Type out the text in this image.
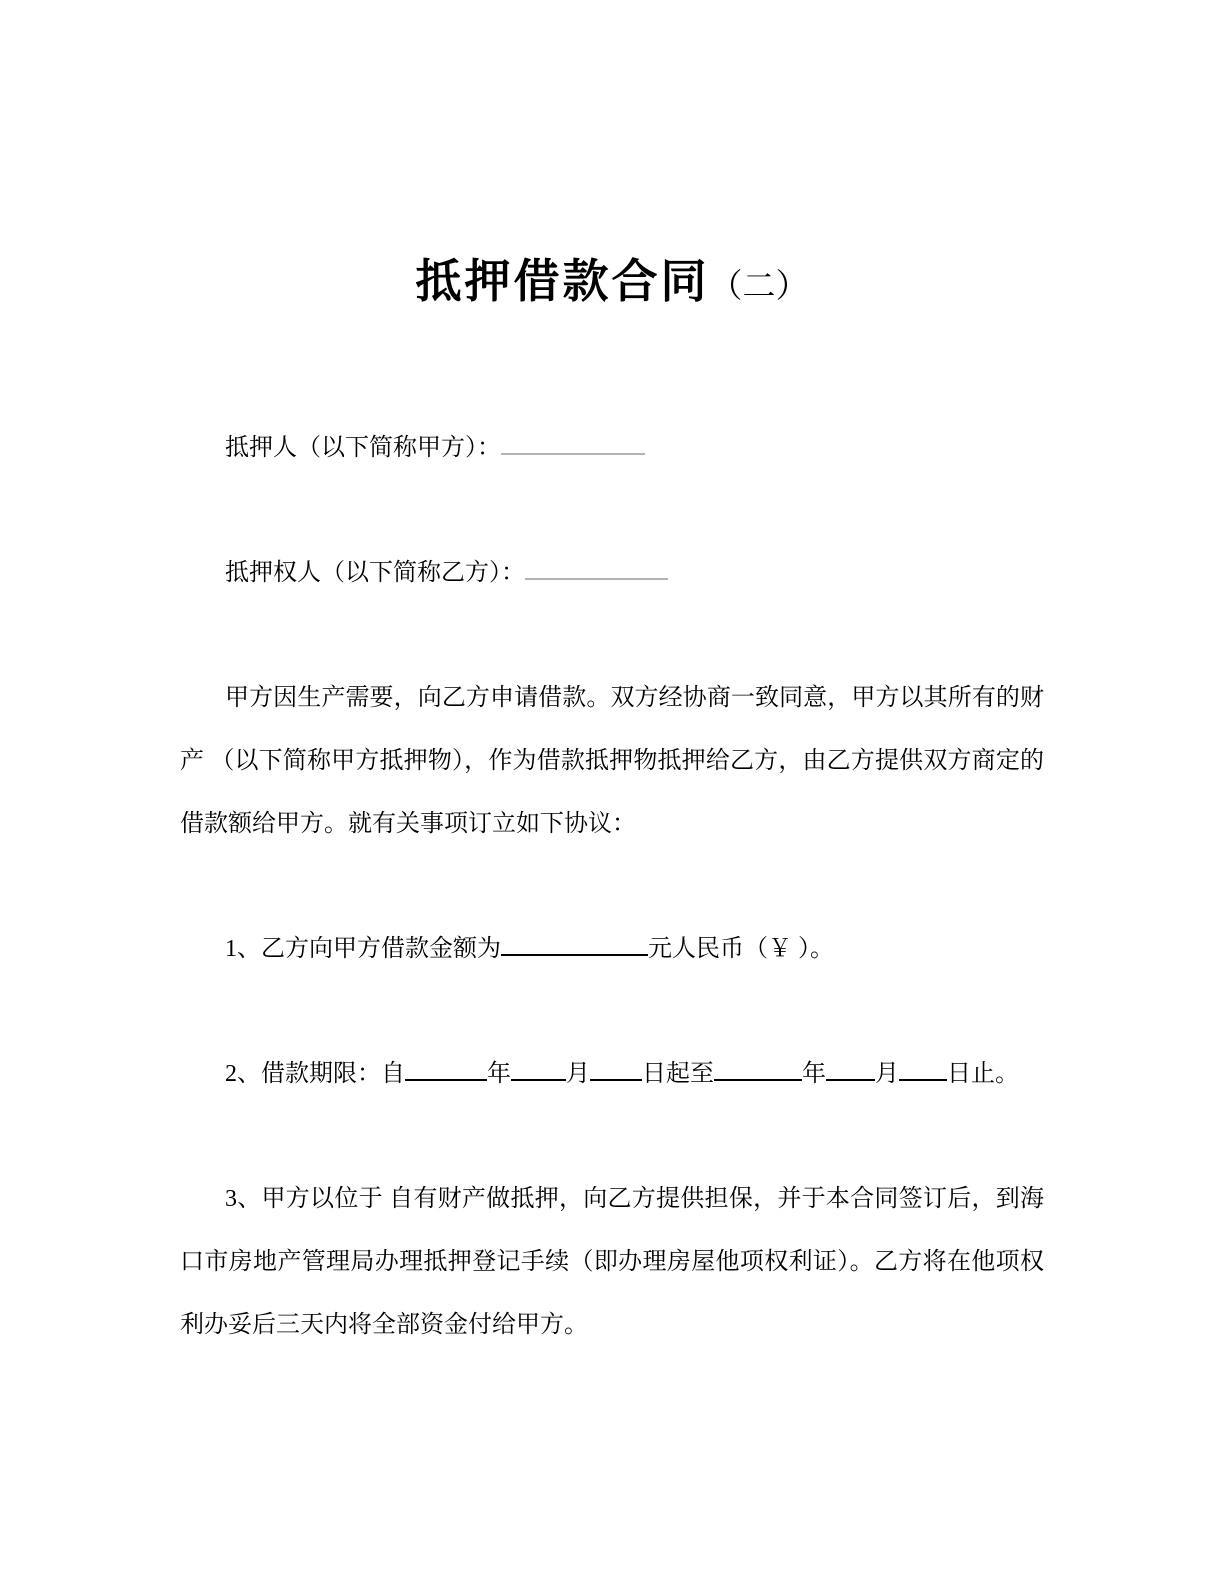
抵押借款合同（二）

抵押人（以下简称甲方）：

抵押权人（以下简称乙方）：

甲方因生产需要，向乙方申请借款。双方经协商一致同意，甲方以其所有的财产 （以下简称甲方抵押物），作为借款抵押物抵押给乙方，由乙方提供双方商定的借款额给甲方。就有关事项订立如下协议：

1、乙方向甲方借款金额为	元人民币（￥ ）。

2、借款期限：自	年 月 日起至	年 月 日止。

3、甲方以位于 自有财产做抵押，向乙方提供担保，并于本合同签订后，到海口市房地产管理局办理抵押登记手续（即办理房屋他项权利证）。乙方将在他项权利办妥后三天内将全部资金付给甲方。
